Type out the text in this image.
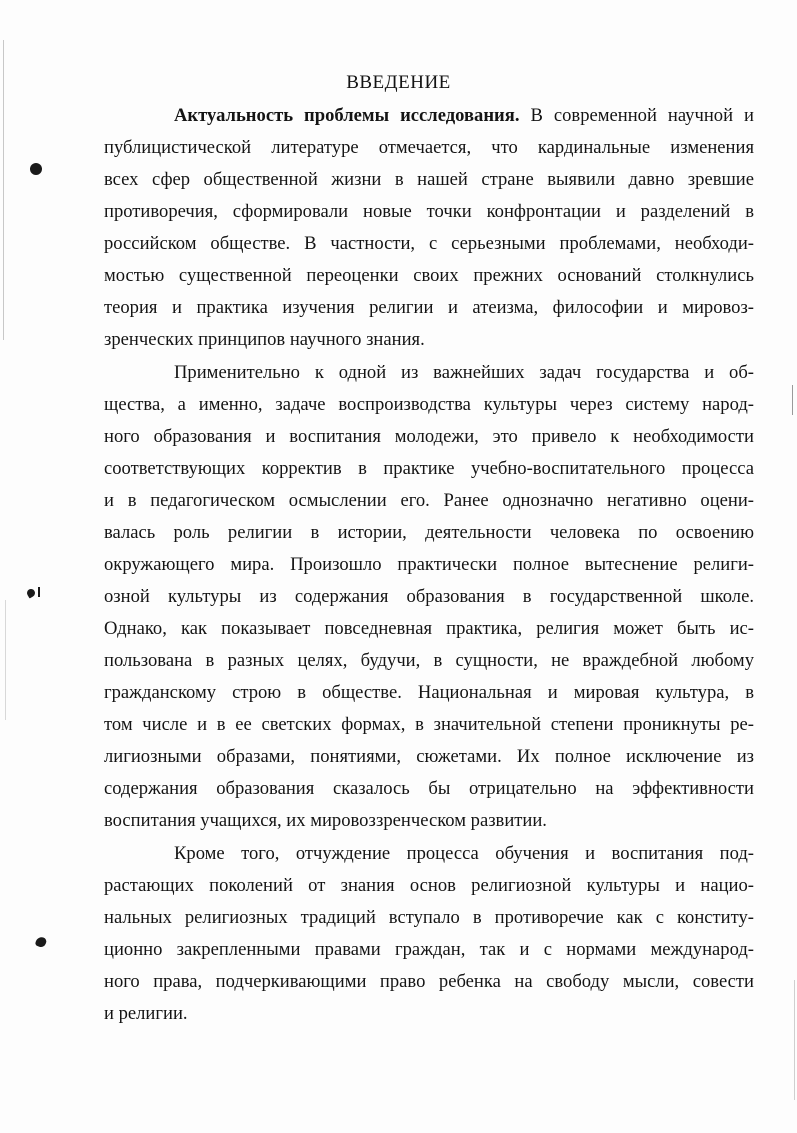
ВВЕДЕНИЕ
Актуальность проблемы исследования. В современной научной и
публицистической литературе отмечается, что кардинальные изменения
всех сфер общественной жизни в нашей стране выявили давно зревшие
противоречия, сформировали новые точки конфронтации и разделений в
российском обществе. В частности, с серьезными проблемами, необходи-
мостью существенной переоценки своих прежних оснований столкнулись
теория и практика изучения религии и атеизма, философии и мировоз-
зренческих принципов научного знания.
Применительно к одной из важнейших задач государства и об-
щества, а именно, задаче воспроизводства культуры через систему народ-
ного образования и воспитания молодежи, это привело к необходимости
соответствующих корректив в практике учебно-воспитательного процесса
и в педагогическом осмыслении его. Ранее однозначно негативно оцени-
валась роль религии в истории, деятельности человека по освоению
окружающего мира. Произошло практически полное вытеснение религи-
озной культуры из содержания образования в государственной школе.
Однако, как показывает повседневная практика, религия может быть ис-
пользована в разных целях, будучи, в сущности, не враждебной любому
гражданскому строю в обществе. Национальная и мировая культура, в
том числе и в ее светских формах, в значительной степени проникнуты ре-
лигиозными образами, понятиями, сюжетами. Их полное исключение из
содержания образования сказалось бы отрицательно на эффективности
воспитания учащихся, их мировоззренческом развитии.
Кроме того, отчуждение процесса обучения и воспитания под-
растающих поколений от знания основ религиозной культуры и нацио-
нальных религиозных традиций вступало в противоречие как с конститу-
ционно закрепленными правами граждан, так и с нормами международ-
ного права, подчеркивающими право ребенка на свободу мысли, совести
и религии.
